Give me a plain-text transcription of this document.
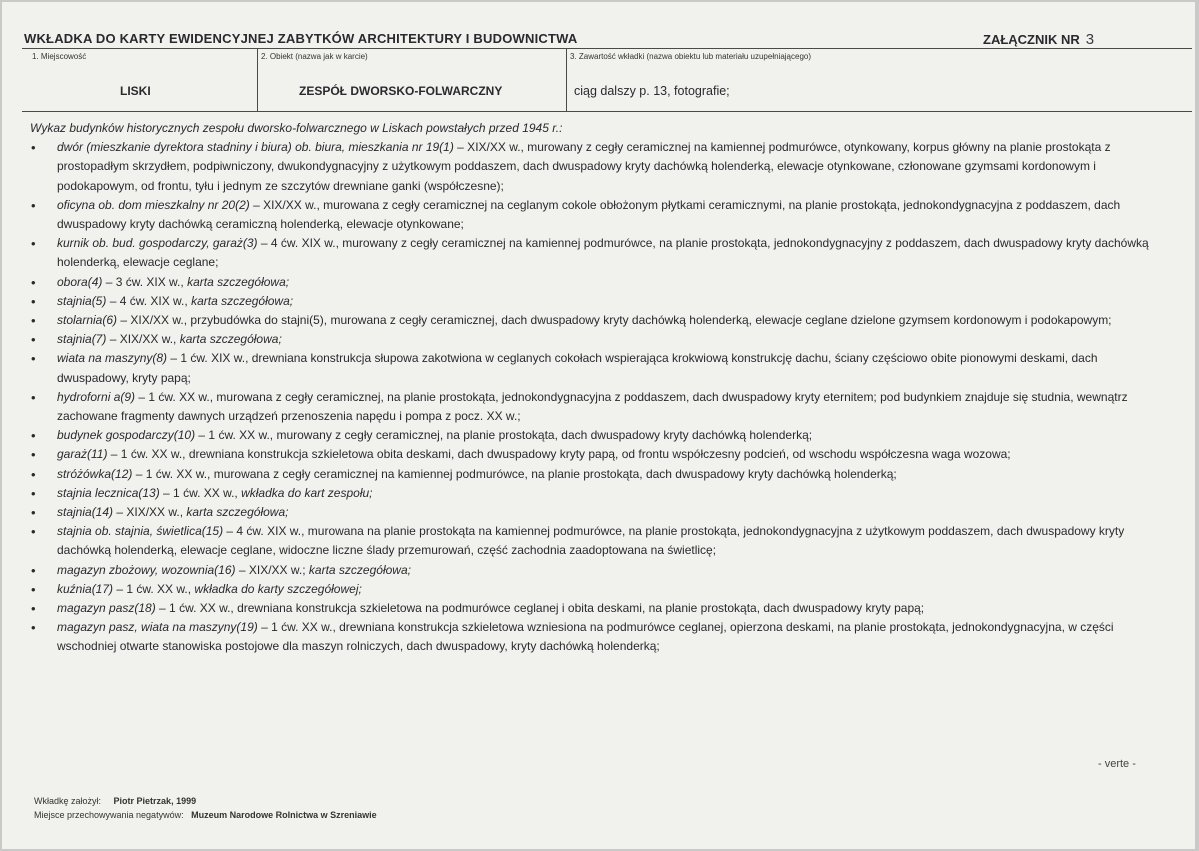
WKŁADKA DO KARTY EWIDENCYJNEJ ZABYTKÓW ARCHITEKTURY I BUDOWNICTWA	ZAŁĄCZNIK NR 3
1. Miejscowość	2. Obiekt (nazwa jak w karcie)	3. Zawartość wkładki (nazwa obiektu lub materiału uzupełniającego)
LISKI	ZESPÓŁ DWORSKO-FOLWARCZNY	ciąg dalszy p. 13, fotografie;
Wykaz budynków historycznych zespołu dworsko-folwarcznego w Liskach powstałych przed 1945 r.:
• dwór (mieszkanie dyrektora stadniny i biura) ob. biura, mieszkania nr 19(1) – XIX/XX w., murowany z cegły ceramicznej na kamiennej podmurówce, otynkowany, korpus główny na planie prostokąta z prostopadłym skrzydłem, podpiwniczony, dwukondygnacyjny z użytkowym poddaszem, dach dwuspadowy kryty dachówką holenderką, elewacje otynkowane, członowane gzymsami kordonowym i podokapowym, od frontu, tyłu i jednym ze szczytów drewniane ganki (współczesne);
• oficyna ob. dom mieszkalny nr 20(2) – XIX/XX w., murowana z cegły ceramicznej na ceglanym cokole obłożonym płytkami ceramicznymi, na planie prostokąta, jednokondygnacyjna z poddaszem, dach dwuspadowy kryty dachówką ceramiczną holenderką, elewacje otynkowane;
• kurnik ob. bud. gospodarczy, garaż(3) – 4 ćw. XIX w., murowany z cegły ceramicznej na kamiennej podmurówce, na planie prostokąta, jednokondygnacyjny z poddaszem, dach dwuspadowy kryty dachówką holenderką, elewacje ceglane;
• obora(4) – 3 ćw. XIX w., karta szczegółowa;
• stajnia(5) – 4 ćw. XIX w., karta szczegółowa;
• stolarnia(6) – XIX/XX w., przybudówka do stajni(5), murowana z cegły ceramicznej, dach dwuspadowy kryty dachówką holenderką, elewacje ceglane dzielone gzymsem kordonowym i podokapowym;
• stajnia(7) – XIX/XX w., karta szczegółowa;
• wiata na maszyny(8) – 1 ćw. XIX w., drewniana konstrukcja słupowa zakotwiona w ceglanych cokołach wspierająca krokwiową konstrukcję dachu, ściany częściowo obite pionowymi deskami, dach dwuspadowy, kryty papą;
• hydroforni a(9) – 1 ćw. XX w., murowana z cegły ceramicznej, na planie prostokąta, jednokondygnacyjna z poddaszem, dach dwuspadowy kryty eternitem; pod budynkiem znajduje się studnia, wewnątrz zachowane fragmenty dawnych urządzeń przenoszenia napędu i pompa z pocz. XX w.;
• budynek gospodarczy(10) – 1 ćw. XX w., murowany z cegły ceramicznej, na planie prostokąta, dach dwuspadowy kryty dachówką holenderką;
• garaż(11) – 1 ćw. XX w., drewniana konstrukcja szkieletowa obita deskami, dach dwuspadowy kryty papą, od frontu współczesny podcień, od wschodu współczesna waga wozowa;
• stróżówka(12) – 1 ćw. XX w., murowana z cegły ceramicznej na kamiennej podmurówce, na planie prostokąta, dach dwuspadowy kryty dachówką holenderką;
• stajnia lecznica(13) – 1 ćw. XX w., wkładka do kart zespołu;
• stajnia(14) – XIX/XX w., karta szczegółowa;
• stajnia ob. stajnia, świetlica(15) – 4 ćw. XIX w., murowana na planie prostokąta na kamiennej podmurówce, na planie prostokąta, jednokondygnacyjna z użytkowym poddaszem, dach dwuspadowy kryty dachówką holenderką, elewacje ceglane, widoczne liczne ślady przemurowań, część zachodnia zaadoptowana na świetlicę;
• magazyn zbożowy, wozownia(16) – XIX/XX w.; karta szczegółowa;
• kuźnia(17) – 1 ćw. XX w., wkładka do karty szczegółowej;
• magazyn pasz(18) – 1 ćw. XX w., drewniana konstrukcja szkieletowa na podmurówce ceglanej i obita deskami, na planie prostokąta, dach dwuspadowy kryty papą;
• magazyn pasz, wiata na maszyny(19) – 1 ćw. XX w., drewniana konstrukcja szkieletowa wzniesiona na podmurówce ceglanej, opierzona deskami, na planie prostokąta, jednokondygnacyjna, w części wschodniej otwarte stanowiska postojowe dla maszyn rolniczych, dach dwuspadowy, kryty dachówką holenderką;
- verte -
Wkładkę założył: Piotr Pietrzak, 1999
Miejsce przechowywania negatywów: Muzeum Narodowe Rolnictwa w Szreniawie
